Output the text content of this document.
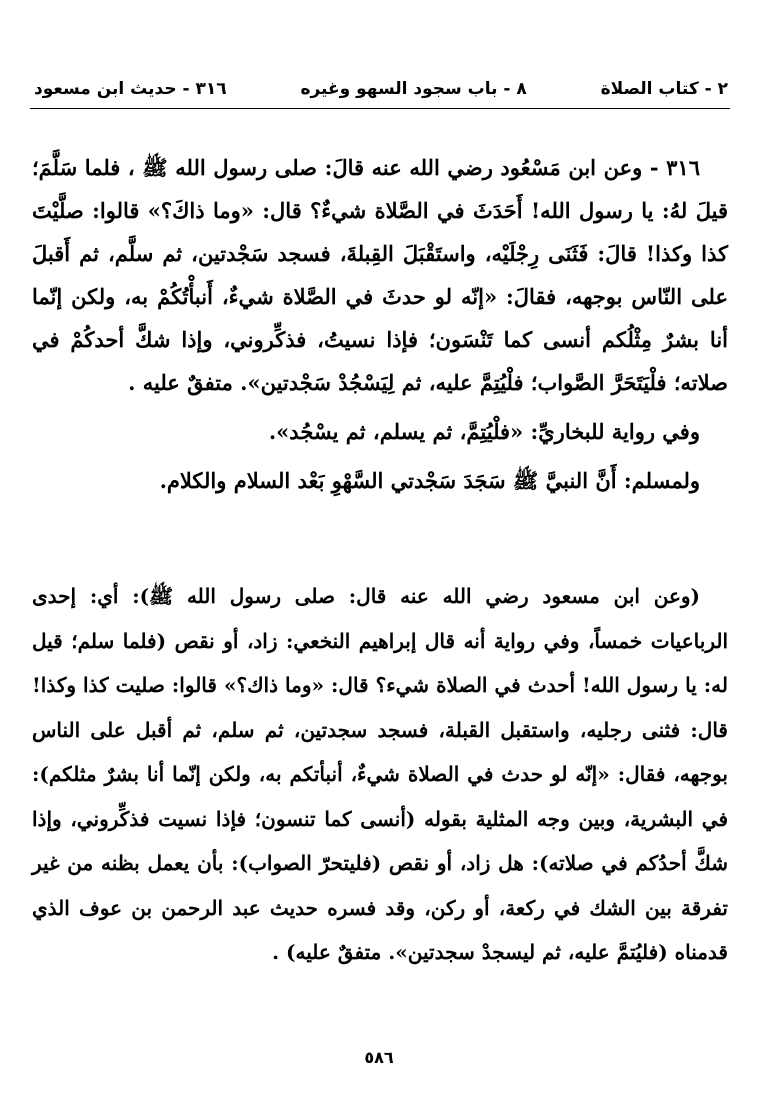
٢ - كتاب الصلاة
٨ - باب سجود السهو وغيره
٣١٦ - حديث ابن مسعود

٣١٦ - وعن ابن مَسْعُود رضي الله عنه قالَ: صلى رسول الله ﷺ ، فلما سَلَّمَ؛ قيلَ لهُ: يا رسول الله! أَحَدَثَ في الصَّلاة شيءٌ؟ قال: «وما ذاكَ؟» قالوا: صلَّيْتَ كذا وكذا! قالَ: فَثَنَى رِجْلَيْه، واستَقْبَلَ القِبلةَ، فسجد سَجْدتين، ثم سلَّم، ثم أَقبلَ على النّاس بوجهه، فقالَ: «إنّه لو حدثَ في الصَّلاة شيءٌ، أَنبأْتُكُمْ به، ولكن إنّما أنا بشرٌ مِثْلُكم أنسى كما تَنْسَون؛ فإذا نسيتُ، فذكِّروني، وإذا شكَّ أحدكُمْ في صلاته؛ فلْيَتَحَرَّ الصَّواب؛ فلْيُتِمَّ عليه، ثم لِيَسْجُدْ سَجْدتين». متفقٌ عليه .

وفي رواية للبخاريِّ: «فلْيُتِمَّ، ثم يسلم، ثم يسْجُد».

ولمسلم: أَنَّ النبيَّ ﷺ سَجَدَ سَجْدتي السَّهْوِ بَعْد السلام والكلام.

(وعن ابن مسعود رضي الله عنه قال: صلى رسول الله ﷺ): أي: إحدى الرباعيات خمساً، وفي رواية أنه قال إبراهيم النخعي: زاد، أو نقص (فلما سلم؛ قيل له: يا رسول الله! أحدث في الصلاة شيء؟ قال: «وما ذاك؟» قالوا: صليت كذا وكذا! قال: فثنى رجليه، واستقبل القبلة، فسجد سجدتين، ثم سلم، ثم أقبل على الناس بوجهه، فقال: «إنّه لو حدث في الصلاة شيءٌ، أنبأتكم به، ولكن إنّما أنا بشرٌ مثلكم): في البشرية، وبين وجه المثلية بقوله (أنسى كما تنسون؛ فإذا نسيت فذكِّروني، وإذا شكَّ أحدُكم في صلاته): هل زاد، أو نقص (فليتحرّ الصواب): بأن يعمل بظنه من غير تفرقة بين الشك في ركعة، أو ركن، وقد فسره حديث عبد الرحمن بن عوف الذي قدمناه (فليُتمَّ عليه، ثم ليسجدْ سجدتين». متفقٌ عليه) .

٥٨٦
